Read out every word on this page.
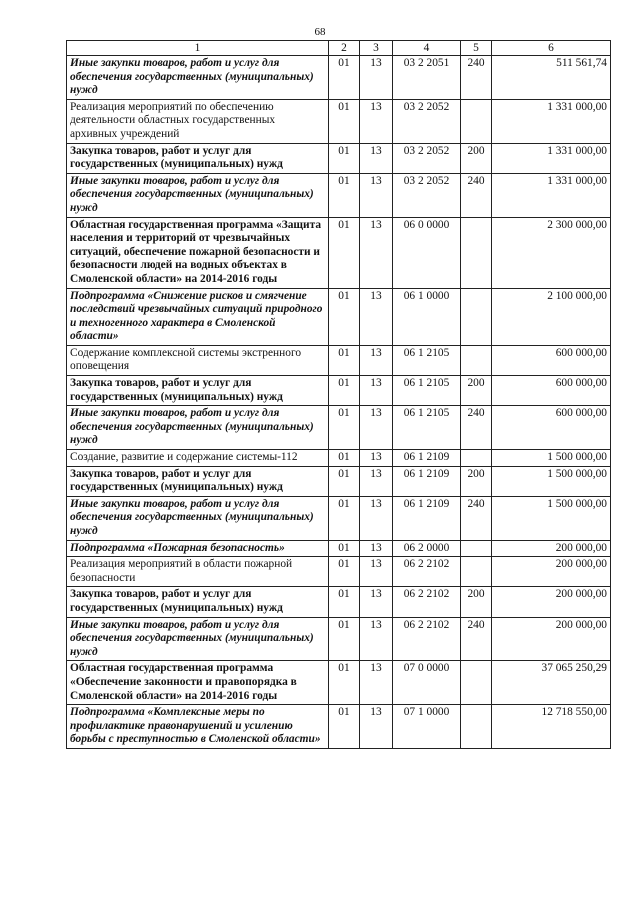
68
1	2	3	4	5	6
Иные закупки товаров, работ и услуг для обеспечения государственных (муниципальных) нужд	01	13	03 2 2051	240	511 561,74
Реализация мероприятий по обеспечению деятельности областных государственных архивных учреждений	01	13	03 2 2052		1 331 000,00
Закупка товаров, работ и услуг для государственных (муниципальных) нужд	01	13	03 2 2052	200	1 331 000,00
Иные закупки товаров, работ и услуг для обеспечения государственных (муниципальных) нужд	01	13	03 2 2052	240	1 331 000,00
Областная государственная программа «Защита населения и территорий от чрезвычайных ситуаций, обеспечение пожарной безопасности и безопасности людей на водных объектах в Смоленской области» на 2014-2016 годы	01	13	06 0 0000		2 300 000,00
Подпрограмма «Снижение рисков и смягчение последствий чрезвычайных ситуаций природного и техногенного характера в Смоленской области»	01	13	06 1 0000		2 100 000,00
Содержание комплексной системы экстренного оповещения	01	13	06 1 2105		600 000,00
Закупка товаров, работ и услуг для государственных (муниципальных) нужд	01	13	06 1 2105	200	600 000,00
Иные закупки товаров, работ и услуг для обеспечения государственных (муниципальных) нужд	01	13	06 1 2105	240	600 000,00
Создание, развитие и содержание системы-112	01	13	06 1 2109		1 500 000,00
Закупка товаров, работ и услуг для государственных (муниципальных) нужд	01	13	06 1 2109	200	1 500 000,00
Иные закупки товаров, работ и услуг для обеспечения государственных (муниципальных) нужд	01	13	06 1 2109	240	1 500 000,00
Подпрограмма «Пожарная безопасность»	01	13	06 2 0000		200 000,00
Реализация мероприятий в области пожарной безопасности	01	13	06 2 2102		200 000,00
Закупка товаров, работ и услуг для государственных (муниципальных) нужд	01	13	06 2 2102	200	200 000,00
Иные закупки товаров, работ и услуг для обеспечения государственных (муниципальных) нужд	01	13	06 2 2102	240	200 000,00
Областная государственная программа «Обеспечение законности и правопорядка в Смоленской области» на 2014-2016 годы	01	13	07 0 0000		37 065 250,29
Подпрограмма «Комплексные меры по профилактике правонарушений и усилению борьбы с преступностью в Смоленской области»	01	13	07 1 0000		12 718 550,00
